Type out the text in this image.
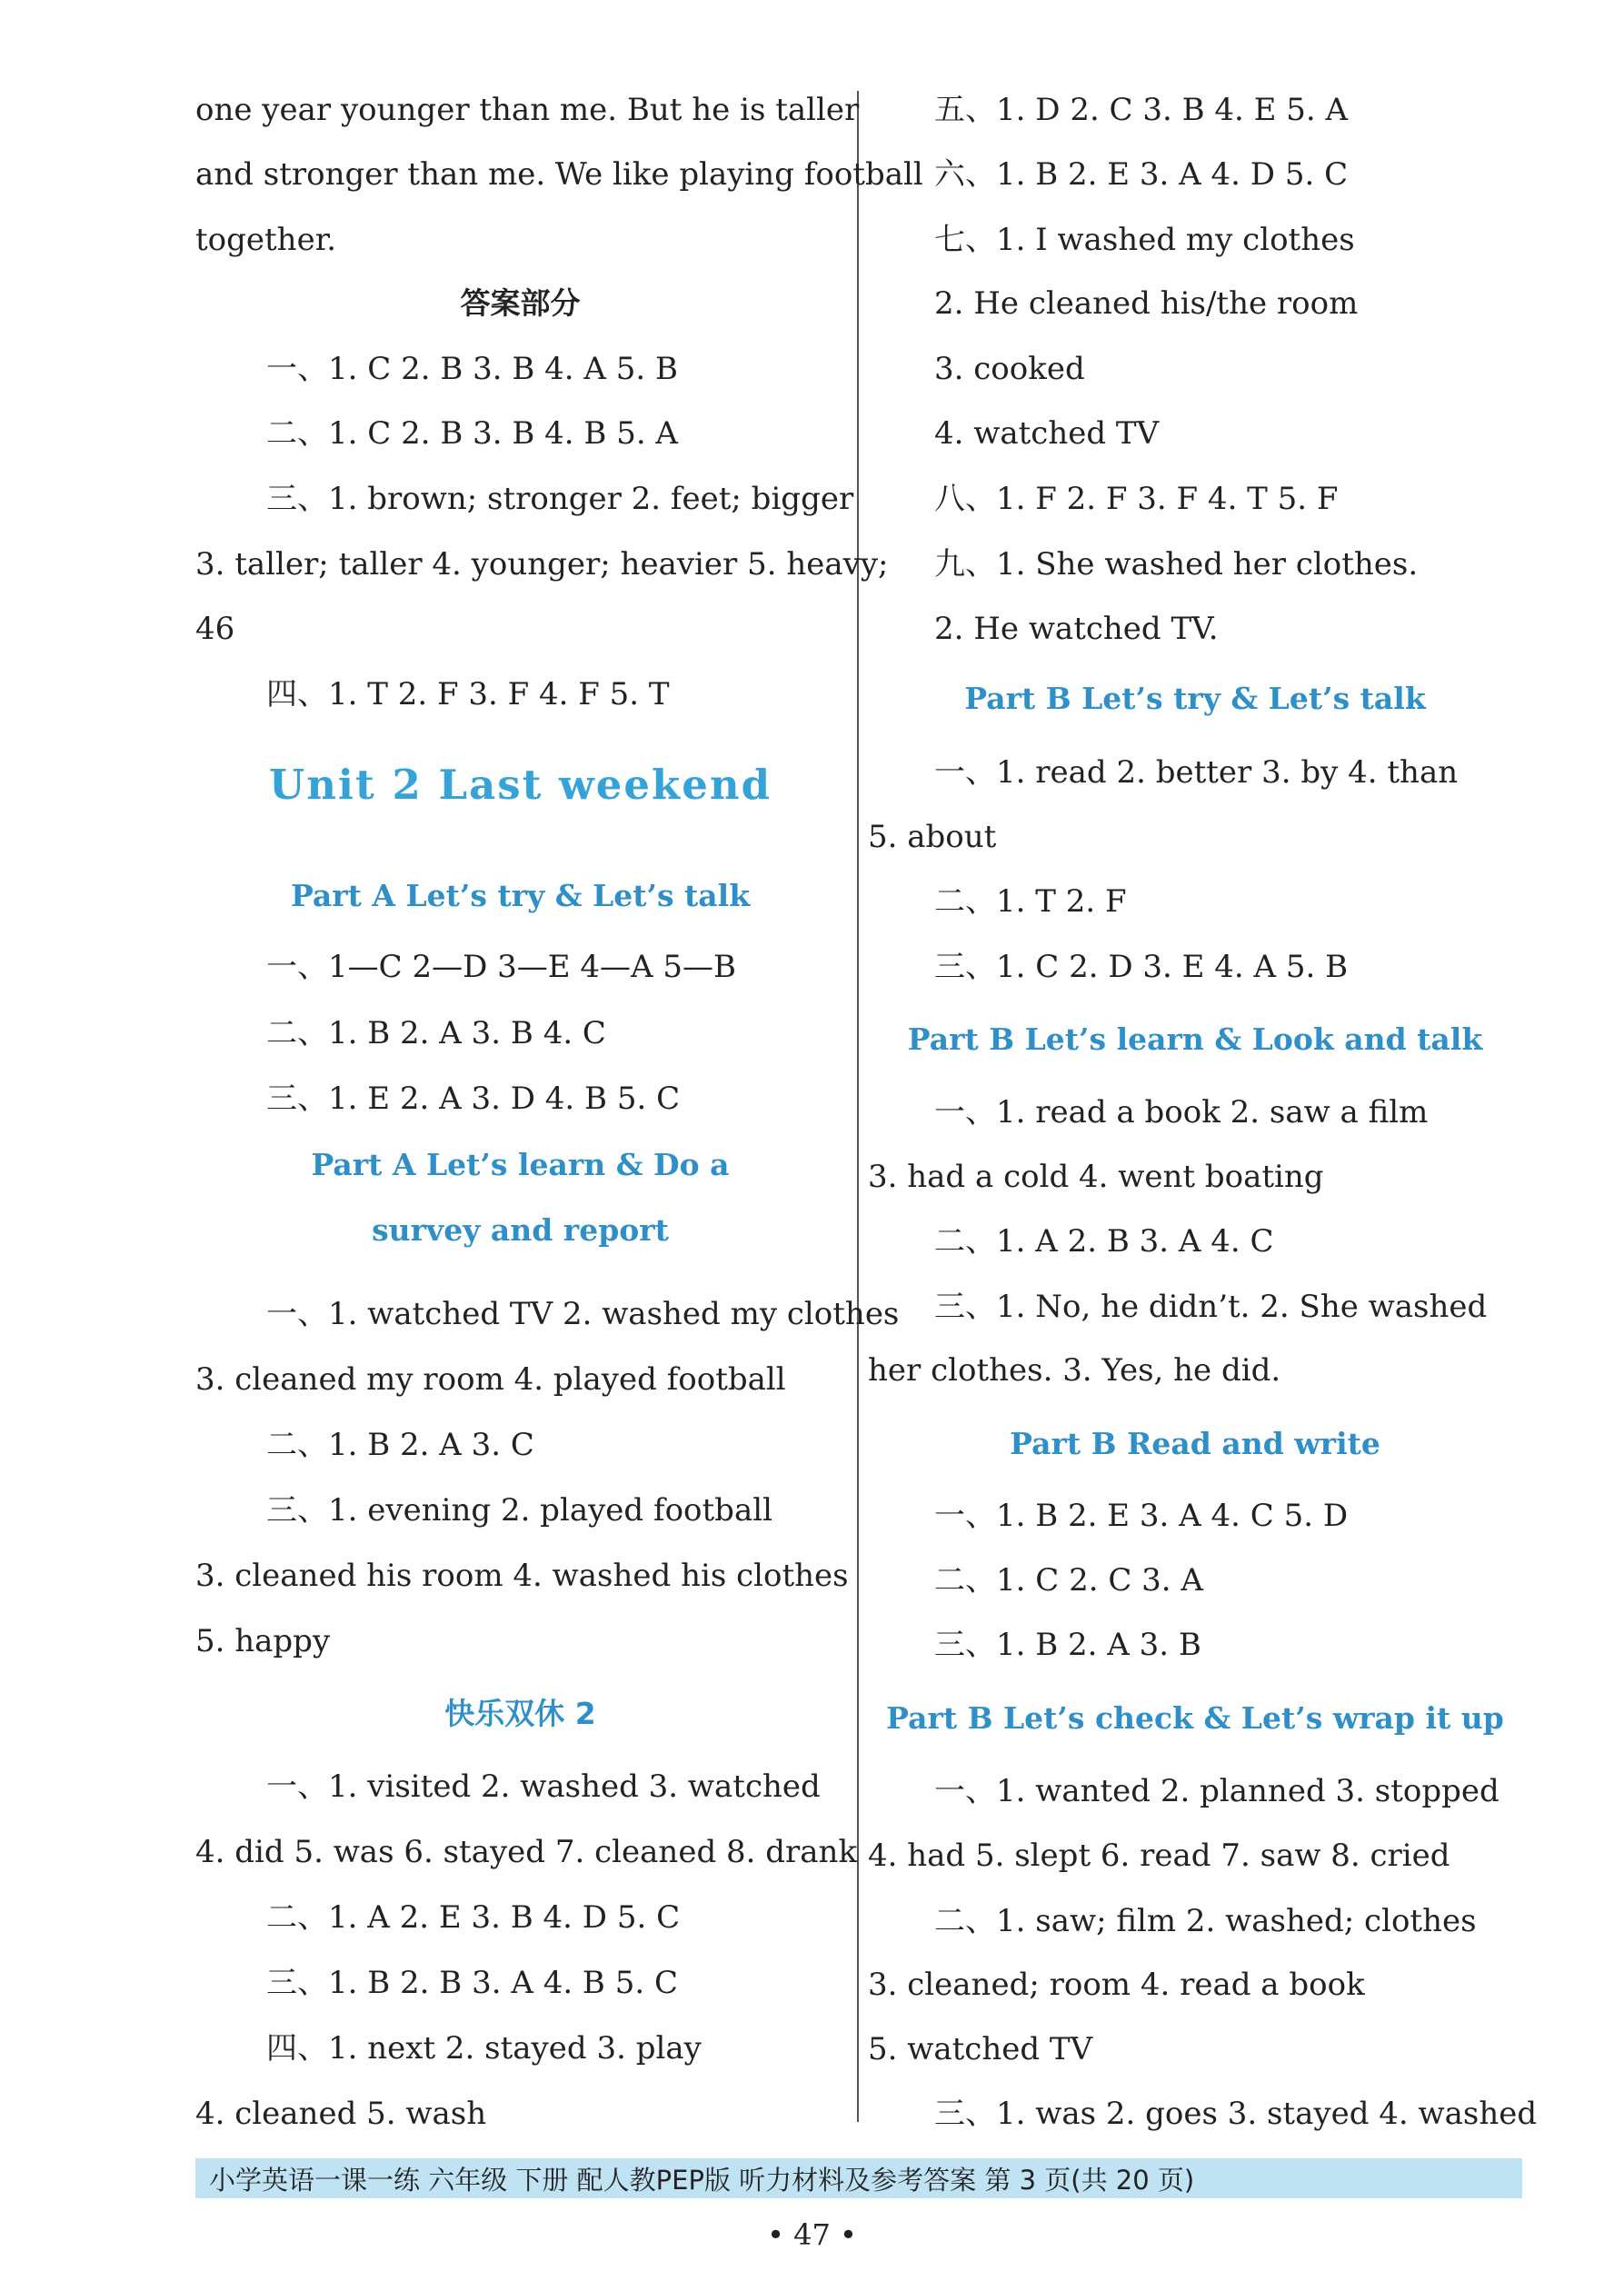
one year younger than me. But he is taller
and stronger than me. We like playing football
together.
答案部分
一、1. C 2. B 3. B 4. A 5. B
二、1. C 2. B 3. B 4. B 5. A
三、1. brown; stronger 2. feet; bigger
3. taller; taller 4. younger; heavier 5. heavy;
46
四、1. T 2. F 3. F 4. F 5. T
Unit 2 Last weekend
Part A Let’s try & Let’s talk
一、1—C 2—D 3—E 4—A 5—B
二、1. B 2. A 3. B 4. C
三、1. E 2. A 3. D 4. B 5. C
Part A Let’s learn & Do a
survey and report
一、1. watched TV 2. washed my clothes
3. cleaned my room 4. played football
二、1. B 2. A 3. C
三、1. evening 2. played football
3. cleaned his room 4. washed his clothes
5. happy
快乐双休 2
一、1. visited 2. washed 3. watched
4. did 5. was 6. stayed 7. cleaned 8. drank
二、1. A 2. E 3. B 4. D 5. C
三、1. B 2. B 3. A 4. B 5. C
四、1. next 2. stayed 3. play
4. cleaned 5. wash
五、1. D 2. C 3. B 4. E 5. A
六、1. B 2. E 3. A 4. D 5. C
七、1. I washed my clothes
2. He cleaned his/the room
3. cooked
4. watched TV
八、1. F 2. F 3. F 4. T 5. F
九、1. She washed her clothes.
2. He watched TV.
Part B Let’s try & Let’s talk
一、1. read 2. better 3. by 4. than
5. about
二、1. T 2. F
三、1. C 2. D 3. E 4. A 5. B
Part B Let’s learn & Look and talk
一、1. read a book 2. saw a film
3. had a cold 4. went boating
二、1. A 2. B 3. A 4. C
三、1. No, he didn’t. 2. She washed
her clothes. 3. Yes, he did.
Part B Read and write
一、1. B 2. E 3. A 4. C 5. D
二、1. C 2. C 3. A
三、1. B 2. A 3. B
Part B Let’s check & Let’s wrap it up
一、1. wanted 2. planned 3. stopped
4. had 5. slept 6. read 7. saw 8. cried
二、1. saw; film 2. washed; clothes
3. cleaned; room 4. read a book
5. watched TV
三、1. was 2. goes 3. stayed 4. washed
小学英语一课一练 六年级 下册 配人教PEP版 听力材料及参考答案 第 3 页(共 20 页)
• 47 •
